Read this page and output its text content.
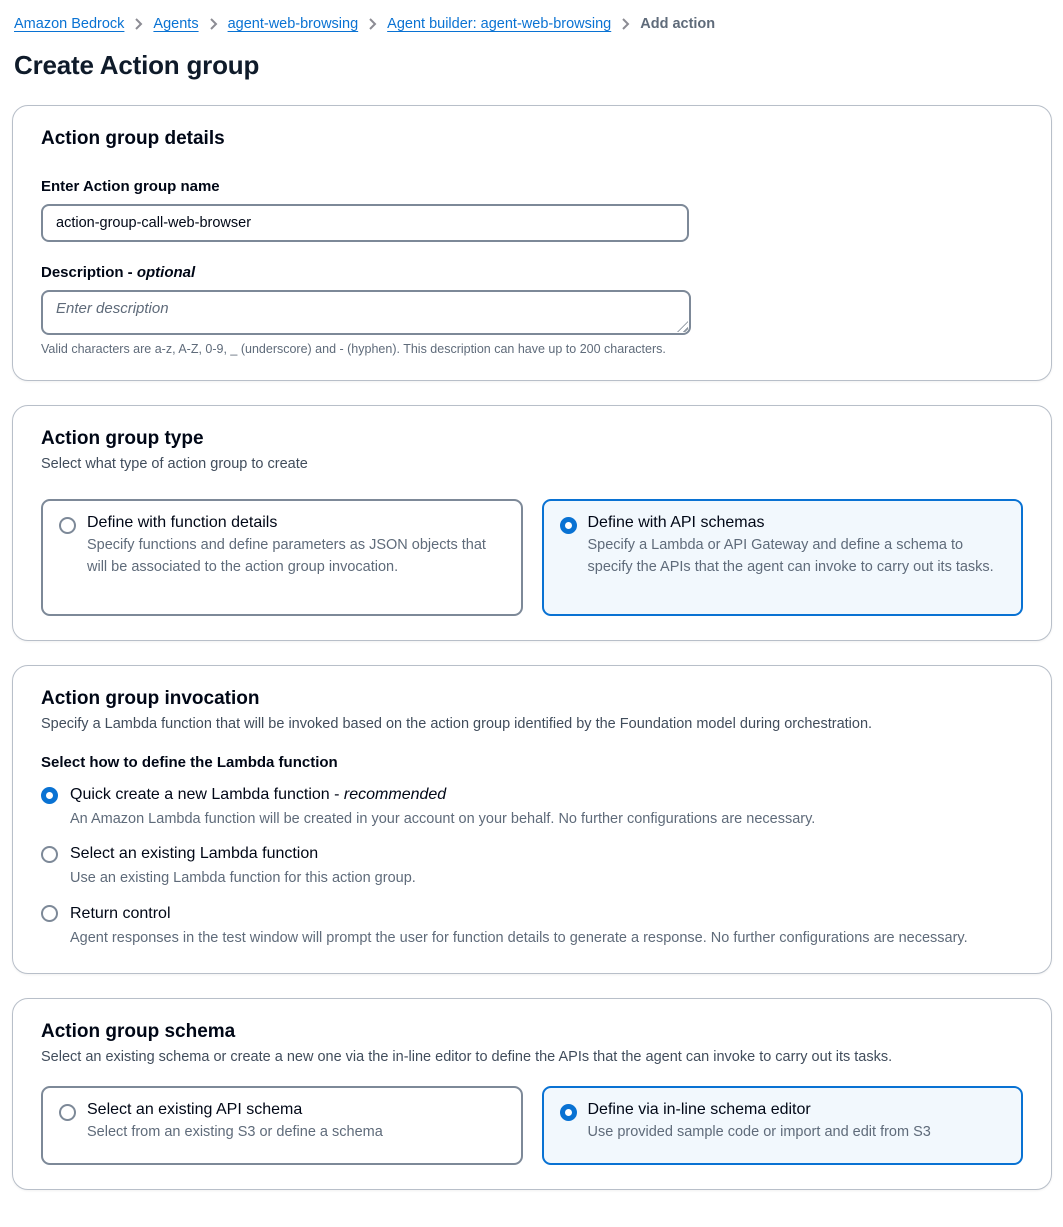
Amazon Bedrock Agents agent-web-browsing Agent builder: agent-web-browsing Add action
Create Action group
Action group details
Enter Action group name
action-group-call-web-browser
Description - optional
Enter description
Valid characters are a-z, A-Z, 0-9, _ (underscore) and - (hyphen). This description can have up to 200 characters.
Action group type
Select what type of action group to create
Define with function details
Specify functions and define parameters as JSON objects that will be associated to the action group invocation.
Define with API schemas
Specify a Lambda or API Gateway and define a schema to specify the APIs that the agent can invoke to carry out its tasks.
Action group invocation
Specify a Lambda function that will be invoked based on the action group identified by the Foundation model during orchestration.
Select how to define the Lambda function
Quick create a new Lambda function - recommended
An Amazon Lambda function will be created in your account on your behalf. No further configurations are necessary.
Select an existing Lambda function
Use an existing Lambda function for this action group.
Return control
Agent responses in the test window will prompt the user for function details to generate a response. No further configurations are necessary.
Action group schema
Select an existing schema or create a new one via the in-line editor to define the APIs that the agent can invoke to carry out its tasks.
Select an existing API schema
Select from an existing S3 or define a schema
Define via in-line schema editor
Use provided sample code or import and edit from S3
